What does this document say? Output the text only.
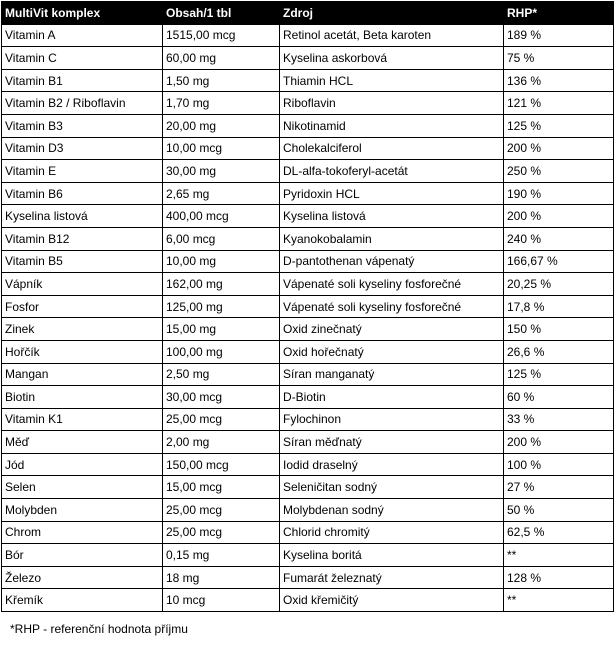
MultiVit komplex	Obsah/1 tbl	Zdroj	RHP*
Vitamin A	1515,00 mcg	Retinol acetát, Beta karoten	189 %
Vitamin C	60,00 mg	Kyselina askorbová	75 %
Vitamin B1	1,50 mg	Thiamin HCL	136 %
Vitamin B2 / Riboflavin	1,70 mg	Riboflavin	121 %
Vitamin B3	20,00 mg	Nikotinamid	125 %
Vitamin D3	10,00 mcg	Cholekalciferol	200 %
Vitamin E	30,00 mg	DL-alfa-tokoferyl-acetát	250 %
Vitamin B6	2,65 mg	Pyridoxin HCL	190 %
Kyselina listová	400,00 mcg	Kyselina listová	200 %
Vitamin B12	6,00 mcg	Kyanokobalamin	240 %
Vitamin B5	10,00 mg	D-pantothenan vápenatý	166,67 %
Vápník	162,00 mg	Vápenaté soli kyseliny fosforečné	20,25 %
Fosfor	125,00 mg	Vápenaté soli kyseliny fosforečné	17,8 %
Zinek	15,00 mg	Oxid zinečnatý	150 %
Hořčík	100,00 mg	Oxid hořečnatý	26,6 %
Mangan	2,50 mg	Síran manganatý	125 %
Biotin	30,00 mcg	D-Biotin	60 %
Vitamin K1	25,00 mcg	Fylochinon	33 %
Měď	2,00 mg	Síran měďnatý	200 %
Jód	150,00 mcg	Iodid draselný	100 %
Selen	15,00 mcg	Seleničitan sodný	27 %
Molybden	25,00 mcg	Molybdenan sodný	50 %
Chrom	25,00 mcg	Chlorid chromitý	62,5 %
Bór	0,15 mg	Kyselina boritá	**
Železo	18 mg	Fumarát železnatý	128 %
Křemík	10 mcg	Oxid křemičitý	**
*RHP - referenční hodnota příjmu
